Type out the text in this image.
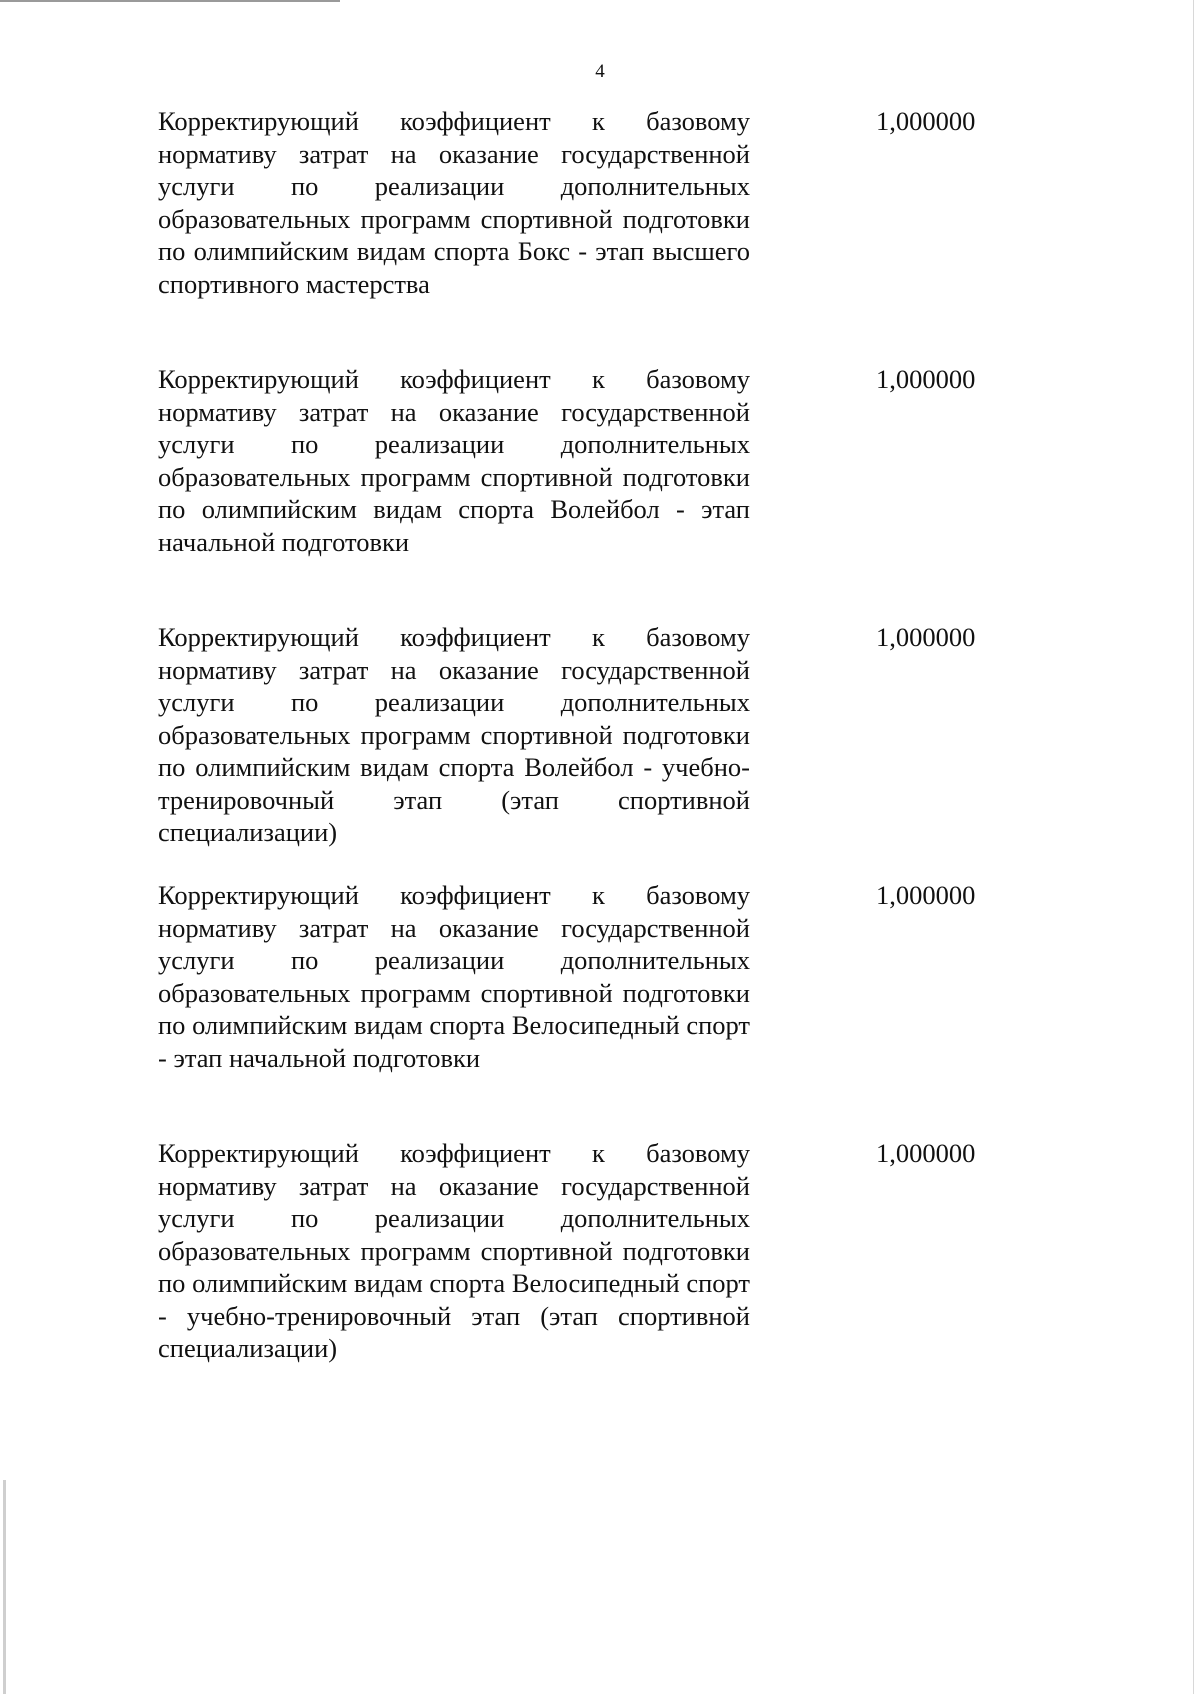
4

Корректирующий коэффициент к базовому нормативу затрат на оказание государственной услуги по реализации дополнительных образовательных программ спортивной подготовки по олимпийским видам спорта Бокс - этап высшего спортивного мастерства

1,000000

Корректирующий коэффициент к базовому нормативу затрат на оказание государственной услуги по реализации дополнительных образовательных программ спортивной подготовки по олимпийским видам спорта Волейбол - этап начальной подготовки

1,000000

Корректирующий коэффициент к базовому нормативу затрат на оказание государственной услуги по реализации дополнительных образовательных программ спортивной подготовки по олимпийским видам спорта Волейбол - учебно-тренировочный этап (этап спортивной специализации)

1,000000

Корректирующий коэффициент к базовому нормативу затрат на оказание государственной услуги по реализации дополнительных образовательных программ спортивной подготовки по олимпийским видам спорта Велосипедный спорт - этап начальной подготовки

1,000000

Корректирующий коэффициент к базовому нормативу затрат на оказание государственной услуги по реализации дополнительных образовательных программ спортивной подготовки по олимпийским видам спорта Велосипедный спорт - учебно-тренировочный этап (этап спортивной специализации)

1,000000
